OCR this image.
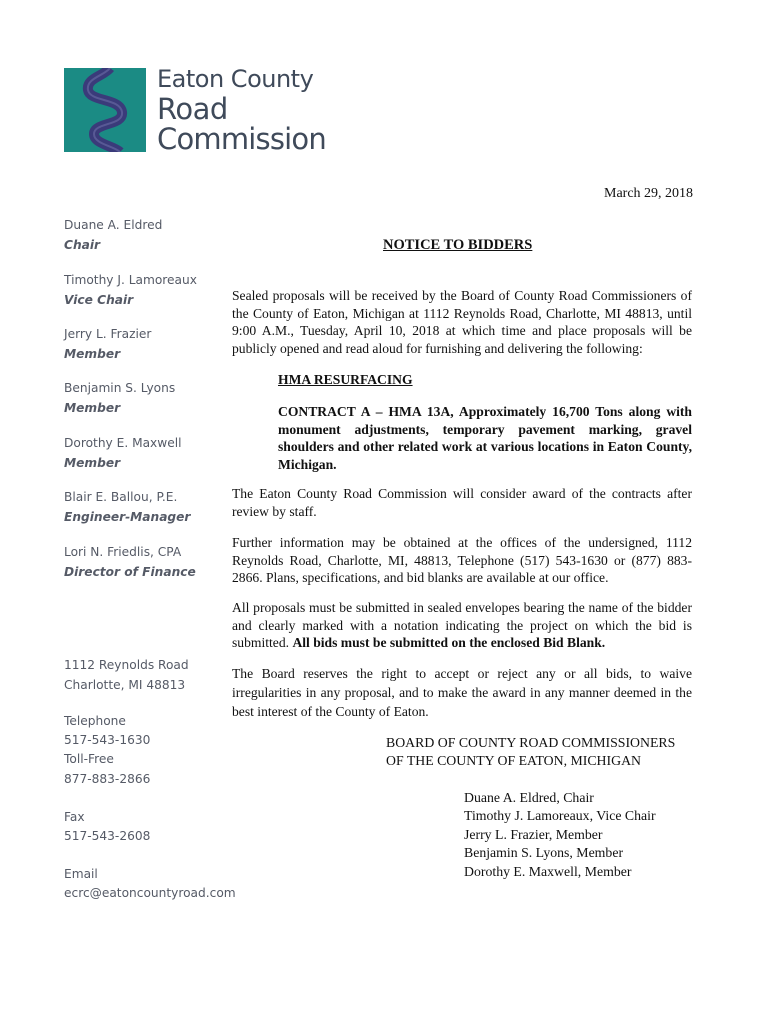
Eaton County
Road
Commission
Duane A. Eldred
Chair
Timothy J. Lamoreaux
Vice Chair
Jerry L. Frazier
Member
Benjamin S. Lyons
Member
Dorothy E. Maxwell
Member
Blair E. Ballou, P.E.
Engineer-Manager
Lori N. Friedlis, CPA
Director of Finance
1112 Reynolds Road
Charlotte, MI 48813
Telephone
517-543-1630
Toll-Free
877-883-2866
Fax
517-543-2608
Email
ecrc@eatoncountyroad.com
March 29, 2018
NOTICE TO BIDDERS
Sealed proposals will be received by the Board of County Road Commissioners of the County of Eaton, Michigan at 1112 Reynolds Road, Charlotte, MI 48813, until 9:00 A.M., Tuesday, April 10, 2018 at which time and place proposals will be publicly opened and read aloud for furnishing and delivering the following:
HMA RESURFACING
CONTRACT A – HMA 13A, Approximately 16,700 Tons along with monument adjustments, temporary pavement marking, gravel shoulders and other related work at various locations in Eaton County, Michigan.
The Eaton County Road Commission will consider award of the contracts after review by staff.
Further information may be obtained at the offices of the undersigned, 1112 Reynolds Road, Charlotte, MI, 48813, Telephone (517) 543-1630 or (877) 883-2866. Plans, specifications, and bid blanks are available at our office.
All proposals must be submitted in sealed envelopes bearing the name of the bidder and clearly marked with a notation indicating the project on which the bid is submitted. All bids must be submitted on the enclosed Bid Blank.
The Board reserves the right to accept or reject any or all bids, to waive irregularities in any proposal, and to make the award in any manner deemed in the best interest of the County of Eaton.
BOARD OF COUNTY ROAD COMMISSIONERS
OF THE COUNTY OF EATON, MICHIGAN
Duane A. Eldred, Chair
Timothy J. Lamoreaux, Vice Chair
Jerry L. Frazier, Member
Benjamin S. Lyons, Member
Dorothy E. Maxwell, Member
